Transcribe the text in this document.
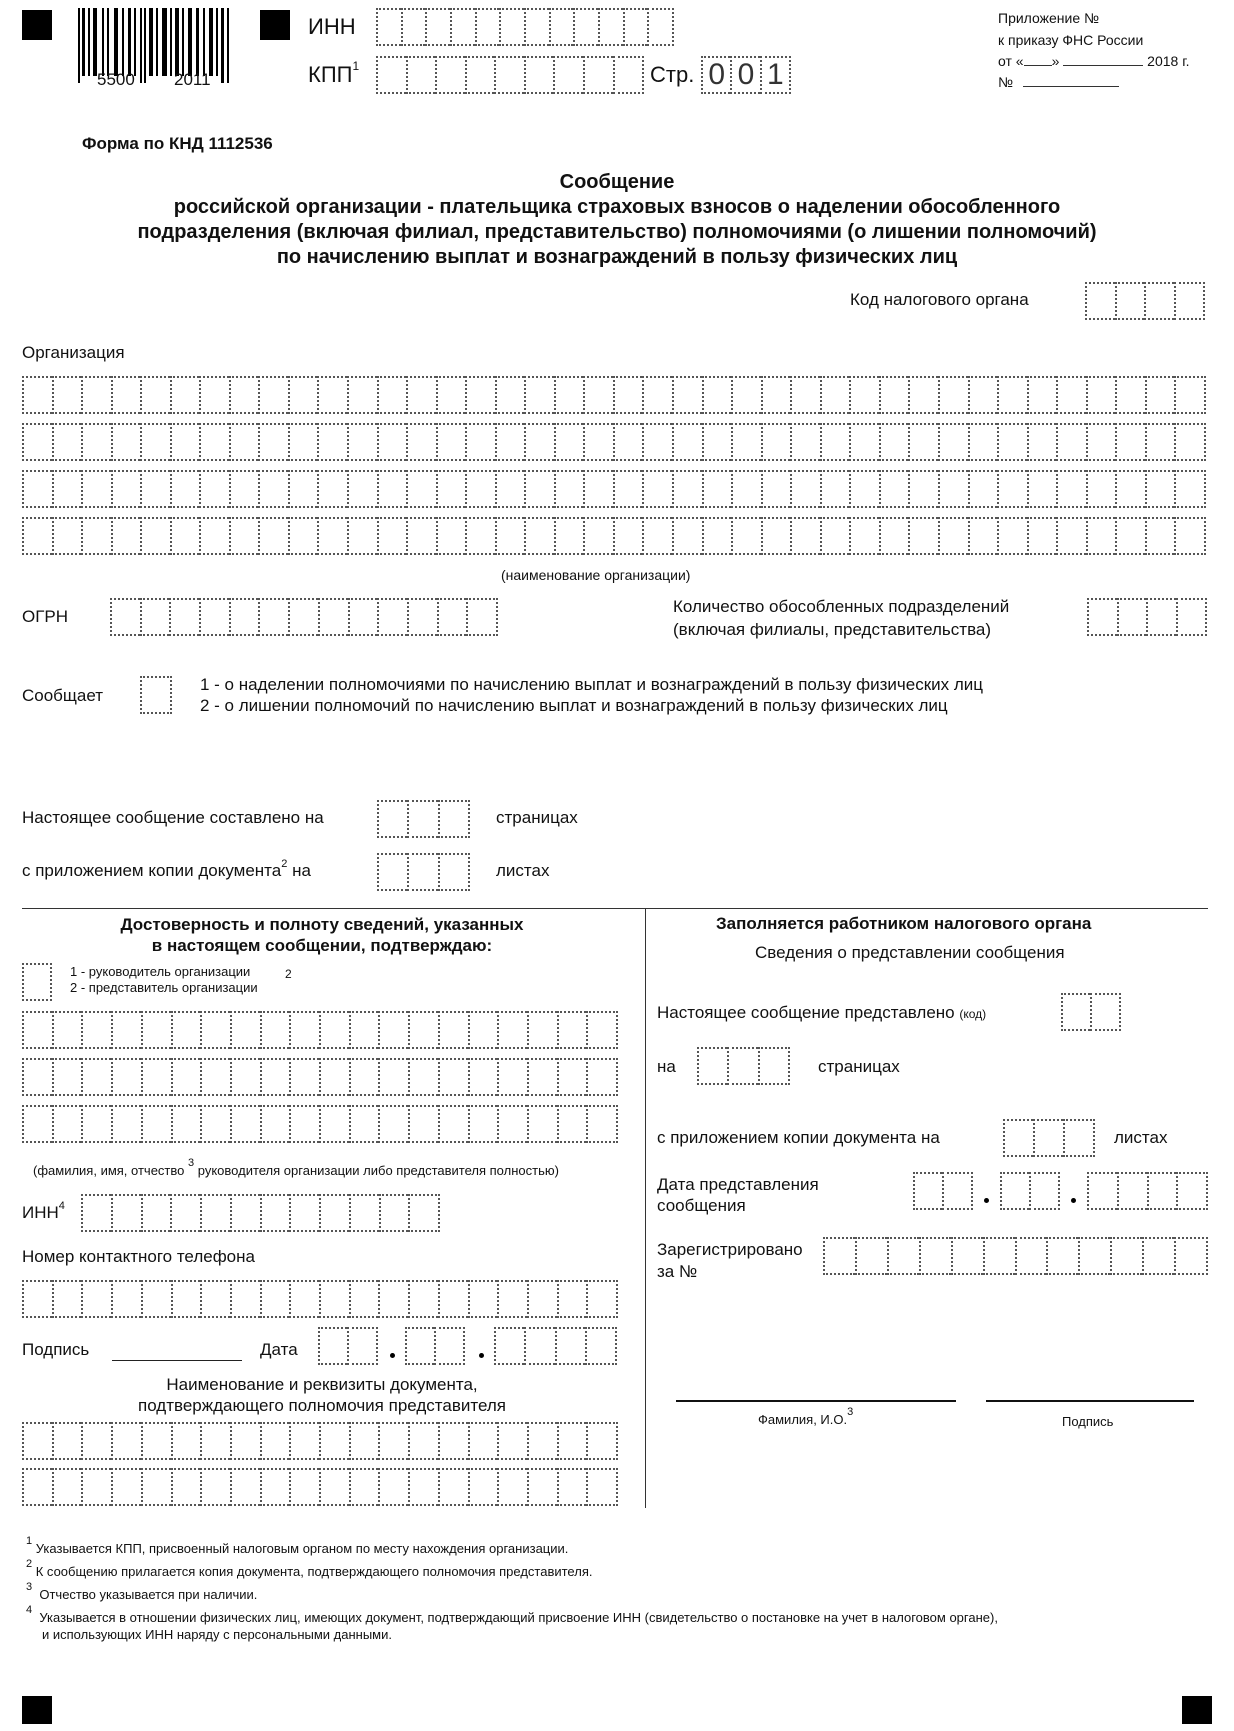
5500 2011
ИНН
КПП$^1$	Стр. 0 0 1
Приложение №
к приказу ФНС России
от « »	2018 г.
№
Форма по КНД 1112536
Сообщение
российской организации - плательщика страховых взносов о наделении обособленного
подразделения (включая филиал, представительство) полномочиями (о лишении полномочий)
по начислению выплат и вознаграждений в пользу физических лиц
Код налогового органа
Организация
(наименование организации)
ОГРН
Количество обособленных подразделений
(включая филиалы, представительства)
Сообщает
1 - о наделении полномочиями по начислению выплат и вознаграждений в пользу физических лиц
2 - о лишении полномочий по начислению выплат и вознаграждений в пользу физических лиц
Настоящее сообщение составлено на	страницах
с приложением копии документа$^2$ на	листах
Достоверность и полноту сведений, указанных
в настоящем сообщении, подтверждаю:
1 - руководитель организации
2 - представитель организации
2
(фамилия, имя, отчество $^3$ руководителя организации либо представителя полностью)
ИНН$^4$
Номер контактного телефона
Подпись	Дата
Наименование и реквизиты документа,
подтверждающего полномочия представителя
Заполняется работником налогового органа
Сведения о представлении сообщения
Настоящее сообщение представлено (код)
на	страницах
с приложением копии документа на	листах
Дата представления
сообщения
Зарегистрировано
за №
Фамилия, И.О.$^3$
Подпись
$^1$ Указывается КПП, присвоенный налоговым органом по месту нахождения организации.
$^2$ К сообщению прилагается копия документа, подтверждающего полномочия представителя.
$^3$ Отчество указывается при наличии.
$^4$ Указывается в отношении физических лиц, имеющих документ, подтверждающий присвоение ИНН (свидетельство о постановке на учет в налоговом органе),
и использующих ИНН наряду с персональными данными.
